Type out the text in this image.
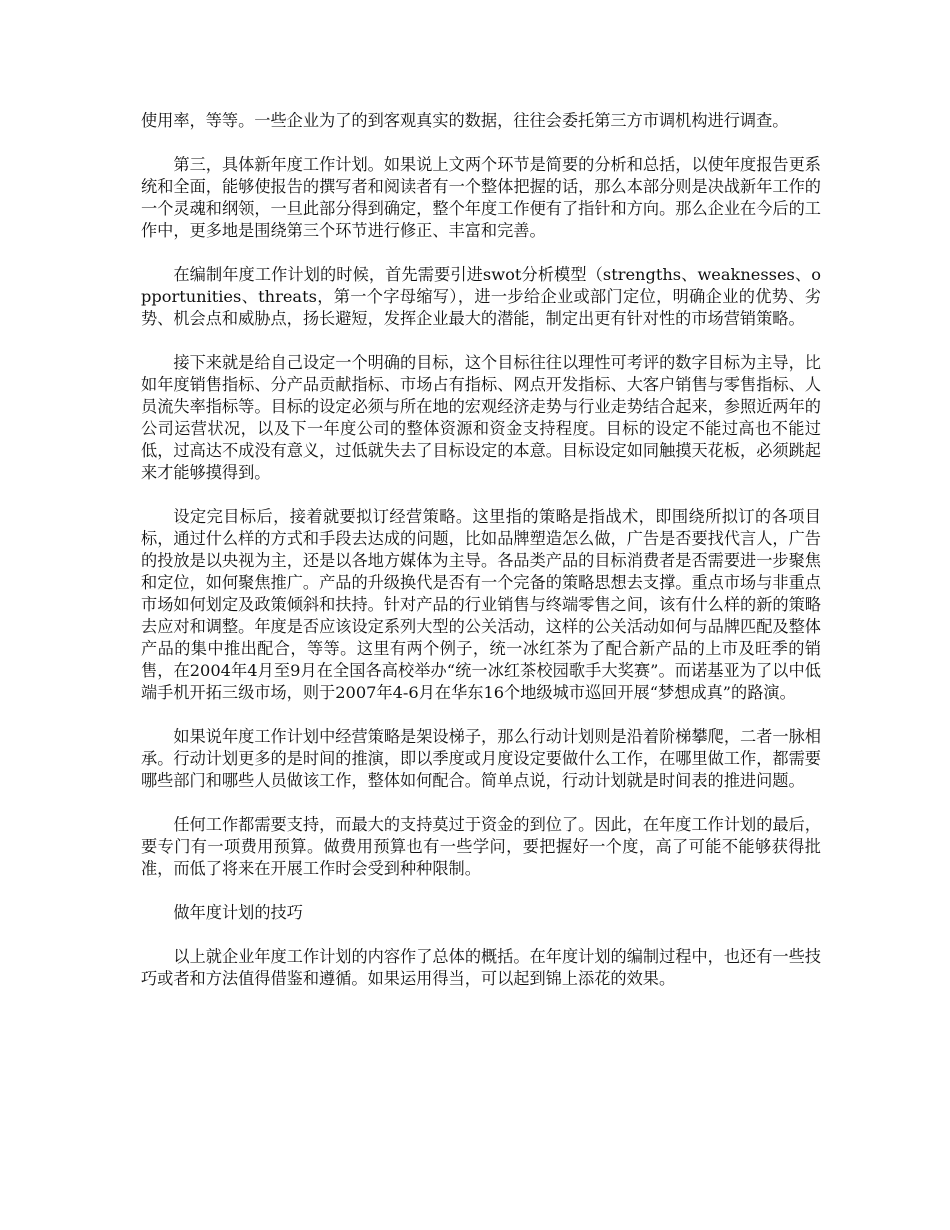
使用率，等等。一些企业为了的到客观真实的数据，往往会委托第三方市调机构进行调查。

第三，具体新年度工作计划。如果说上文两个环节是简要的分析和总括，以使年度报告更系统和全面，能够使报告的撰写者和阅读者有一个整体把握的话，那么本部分则是决战新年工作的一个灵魂和纲领，一旦此部分得到确定，整个年度工作便有了指针和方向。那么企业在今后的工作中，更多地是围绕第三个环节进行修正、丰富和完善。

在编制年度工作计划的时候，首先需要引进swot分析模型（strengths、weaknesses、opportunities、threats，第一个字母缩写），进一步给企业或部门定位，明确企业的优势、劣势、机会点和威胁点，扬长避短，发挥企业最大的潜能，制定出更有针对性的市场营销策略。

接下来就是给自己设定一个明确的目标，这个目标往往以理性可考评的数字目标为主导，比如年度销售指标、分产品贡献指标、市场占有指标、网点开发指标、大客户销售与零售指标、人员流失率指标等。目标的设定必须与所在地的宏观经济走势与行业走势结合起来，参照近两年的公司运营状况，以及下一年度公司的整体资源和资金支持程度。目标的设定不能过高也不能过低，过高达不成没有意义，过低就失去了目标设定的本意。目标设定如同触摸天花板，必须跳起来才能够摸得到。

设定完目标后，接着就要拟订经营策略。这里指的策略是指战术，即围绕所拟订的各项目标，通过什么样的方式和手段去达成的问题，比如品牌塑造怎么做，广告是否要找代言人，广告的投放是以央视为主，还是以各地方媒体为主导。各品类产品的目标消费者是否需要进一步聚焦和定位，如何聚焦推广。产品的升级换代是否有一个完备的策略思想去支撑。重点市场与非重点市场如何划定及政策倾斜和扶持。针对产品的行业销售与终端零售之间，该有什么样的新的策略去应对和调整。年度是否应该设定系列大型的公关活动，这样的公关活动如何与品牌匹配及整体产品的集中推出配合，等等。这里有两个例子，统一冰红茶为了配合新产品的上市及旺季的销售，在2004年4月至9月在全国各高校举办“统一冰红茶校园歌手大奖赛”。而诺基亚为了以中低端手机开拓三级市场，则于2007年4-6月在华东16个地级城市巡回开展“梦想成真”的路演。

如果说年度工作计划中经营策略是架设梯子，那么行动计划则是沿着阶梯攀爬，二者一脉相承。行动计划更多的是时间的推演，即以季度或月度设定要做什么工作，在哪里做工作，都需要哪些部门和哪些人员做该工作，整体如何配合。简单点说，行动计划就是时间表的推进问题。

任何工作都需要支持，而最大的支持莫过于资金的到位了。因此，在年度工作计划的最后，要专门有一项费用预算。做费用预算也有一些学问，要把握好一个度，高了可能不能够获得批准，而低了将来在开展工作时会受到种种限制。

做年度计划的技巧

以上就企业年度工作计划的内容作了总体的概括。在年度计划的编制过程中，也还有一些技巧或者和方法值得借鉴和遵循。如果运用得当，可以起到锦上添花的效果。
